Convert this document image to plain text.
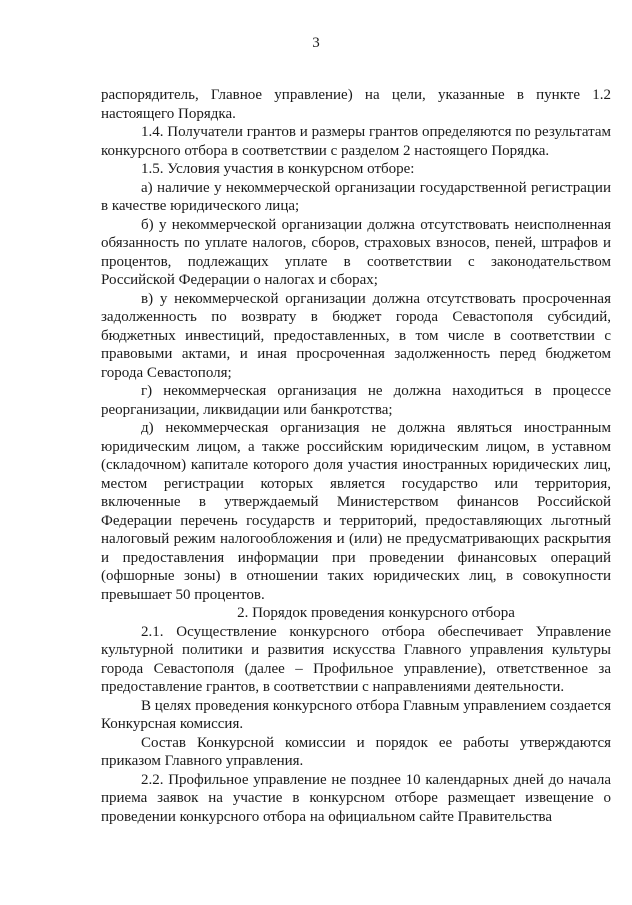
3

распорядитель, Главное управление) на цели, указанные в пункте 1.2 настоящего Порядка.

1.4. Получатели грантов и размеры грантов определяются по результатам конкурсного отбора в соответствии с разделом 2 настоящего Порядка.

1.5. Условия участия в конкурсном отборе:

а) наличие у некоммерческой организации государственной регистрации в качестве юридического лица;

б) у некоммерческой организации должна отсутствовать неисполненная обязанность по уплате налогов, сборов, страховых взносов, пеней, штрафов и процентов, подлежащих уплате в соответствии с законодательством Российской Федерации о налогах и сборах;

в) у некоммерческой организации должна отсутствовать просроченная задолженность по возврату в бюджет города Севастополя субсидий, бюджетных инвестиций, предоставленных, в том числе в соответствии с правовыми актами, и иная просроченная задолженность перед бюджетом города Севастополя;

г) некоммерческая организация не должна находиться в процессе реорганизации, ликвидации или банкротства;

д) некоммерческая организация не должна являться иностранным юридическим лицом, а также российским юридическим лицом, в уставном (складочном) капитале которого доля участия иностранных юридических лиц, местом регистрации которых является государство или территория, включенные в утверждаемый Министерством финансов Российской Федерации перечень государств и территорий, предоставляющих льготный налоговый режим налогообложения и (или) не предусматривающих раскрытия и предоставления информации при проведении финансовых операций (офшорные зоны) в отношении таких юридических лиц, в совокупности превышает 50 процентов.

2. Порядок проведения конкурсного отбора

2.1. Осуществление конкурсного отбора обеспечивает Управление культурной политики и развития искусства Главного управления культуры города Севастополя (далее – Профильное управление), ответственное за предоставление грантов, в соответствии с направлениями деятельности.

В целях проведения конкурсного отбора Главным управлением создается Конкурсная комиссия.

Состав Конкурсной комиссии и порядок ее работы утверждаются приказом Главного управления.

2.2. Профильное управление не позднее 10 календарных дней до начала приема заявок на участие в конкурсном отборе размещает извещение о проведении конкурсного отбора на официальном сайте Правительства
